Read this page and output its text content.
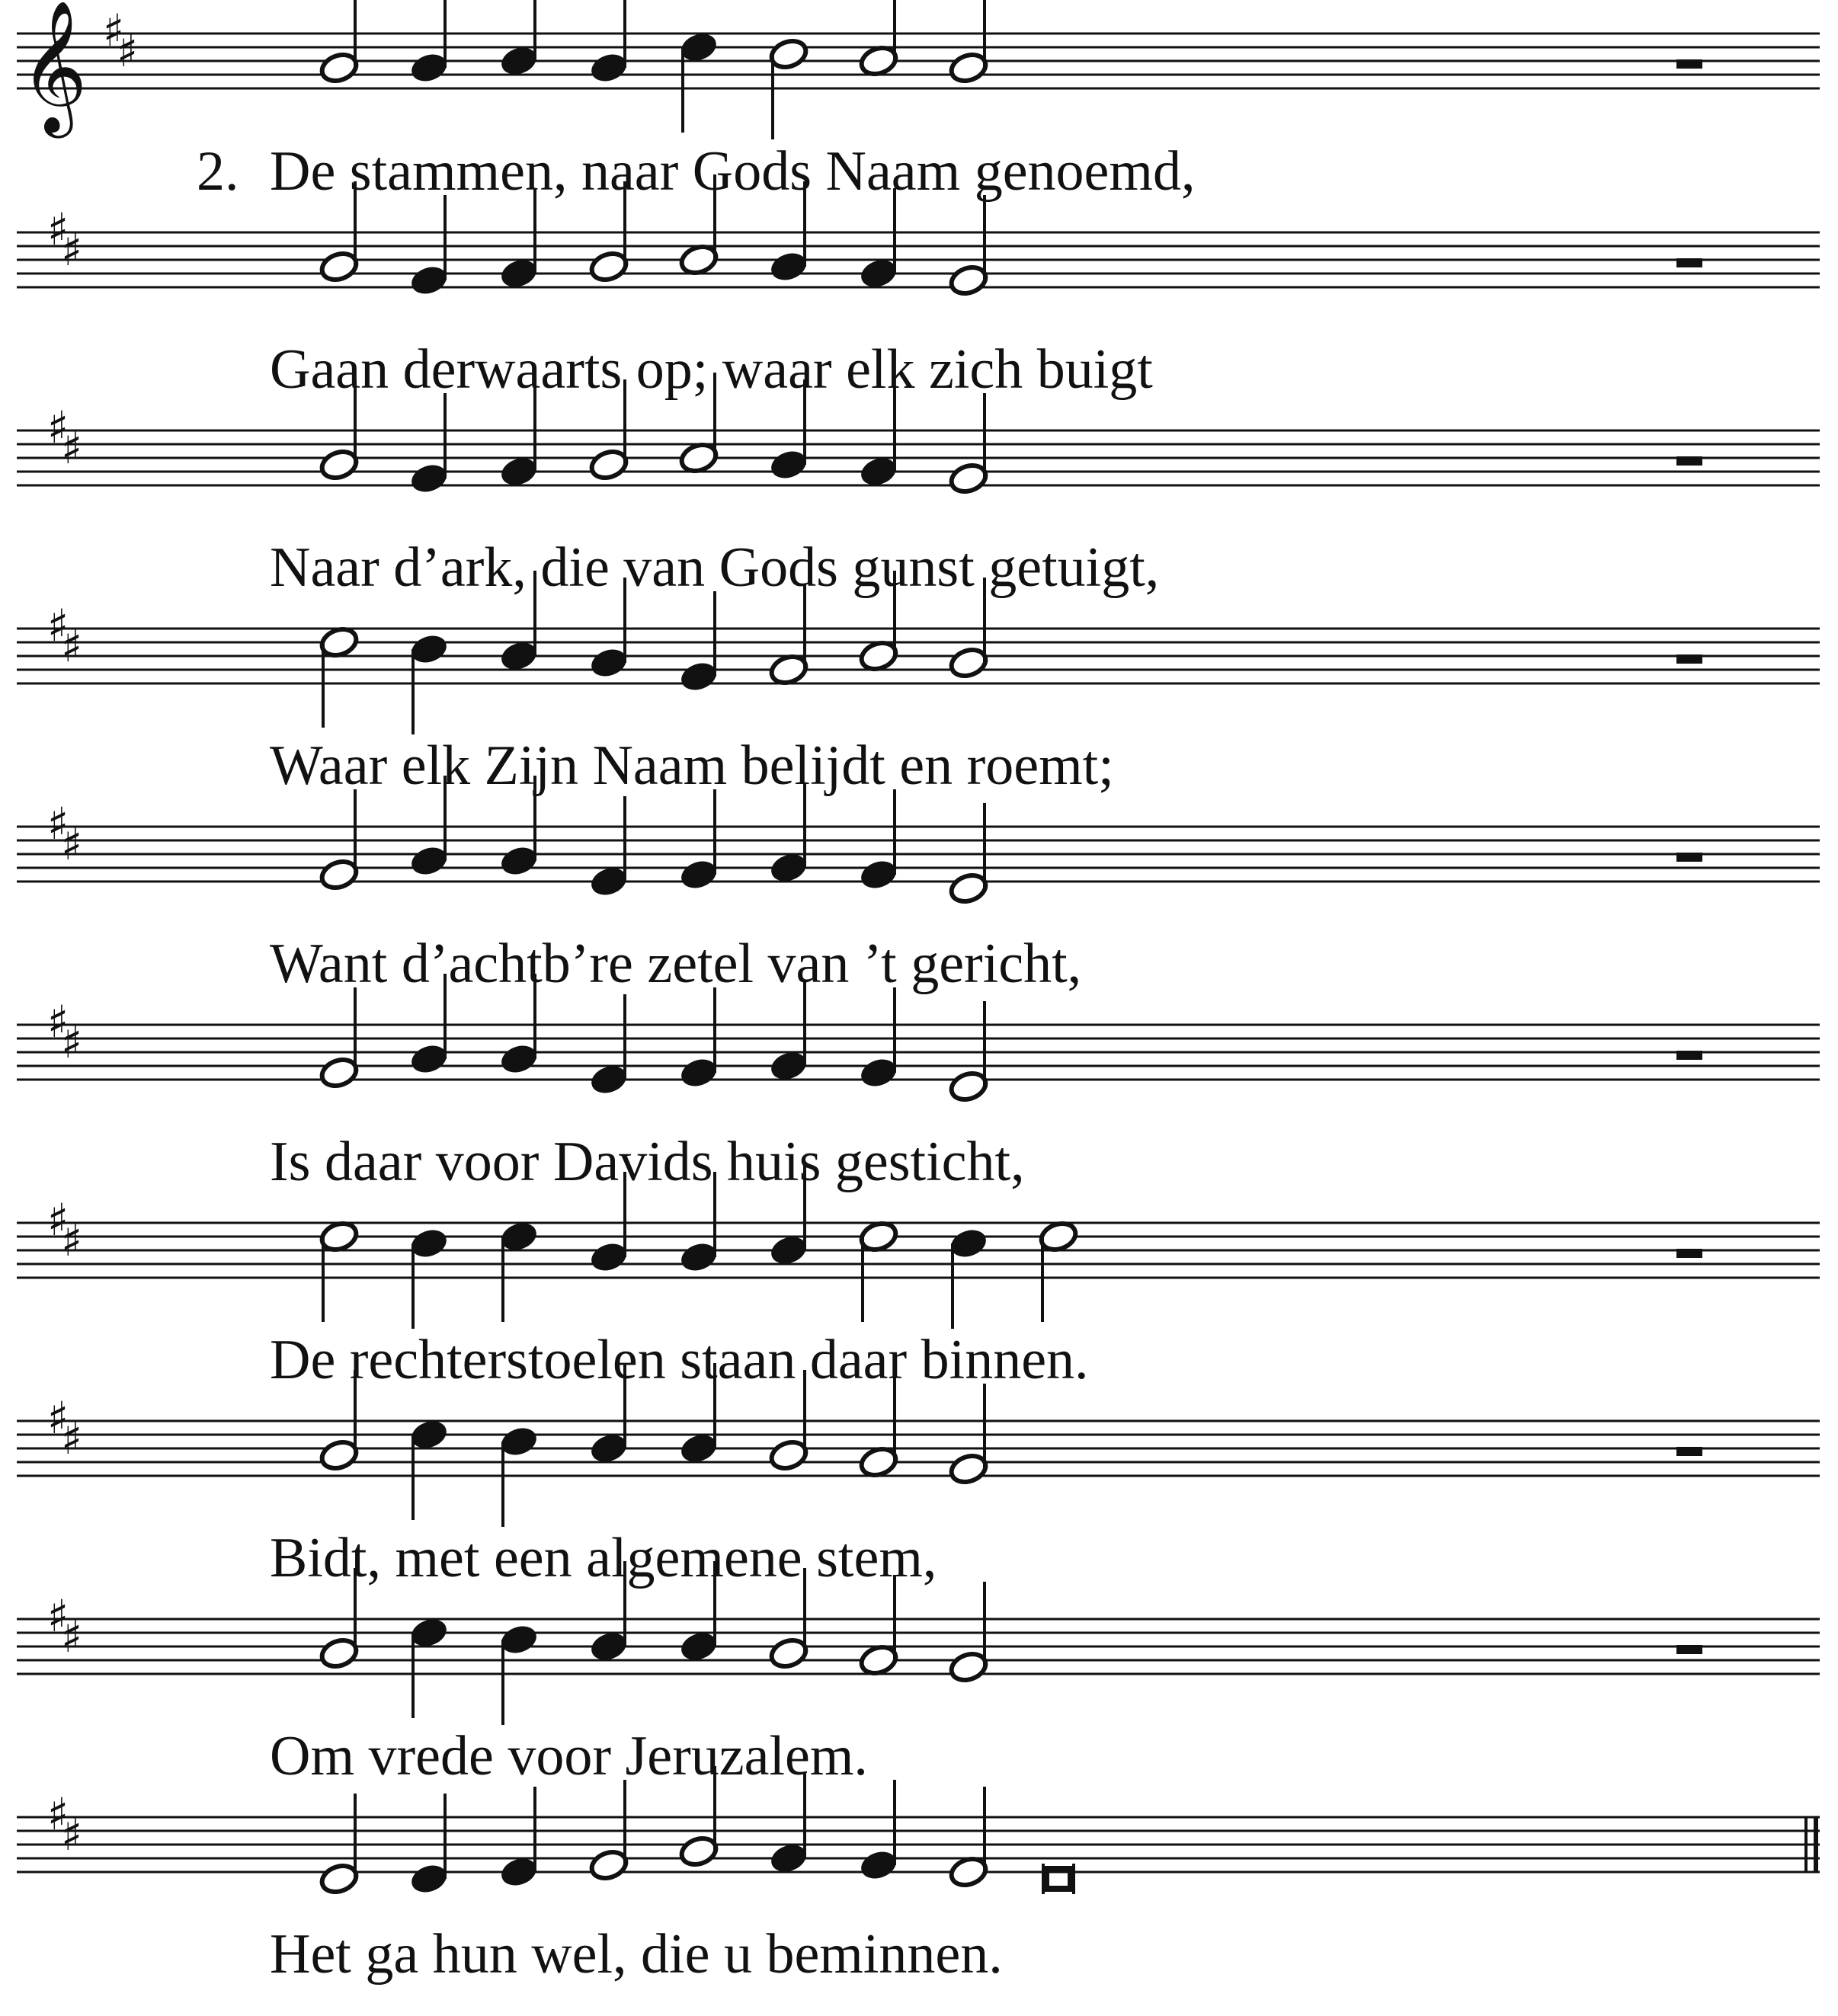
𝄞 ♯
♯
♯
♯
♯
♯
♯
♯
♯
♯
♯
♯
♯
♯
♯
♯
♯
♯
♯
♯
De stammen, naar Gods Naam genoemd,
Gaan derwaarts op; waar elk zich buigt
Naar d’ark, die van Gods gunst getuigt,
Waar elk Zijn Naam belijdt en roemt;
Want d’achtb’re zetel van ’t gericht,
Is daar voor Davids huis gesticht,
De rechterstoelen staan daar binnen.
Bidt, met een algemene stem,
Om vrede voor Jeruzalem.
Het ga hun wel, die u beminnen.
2.
